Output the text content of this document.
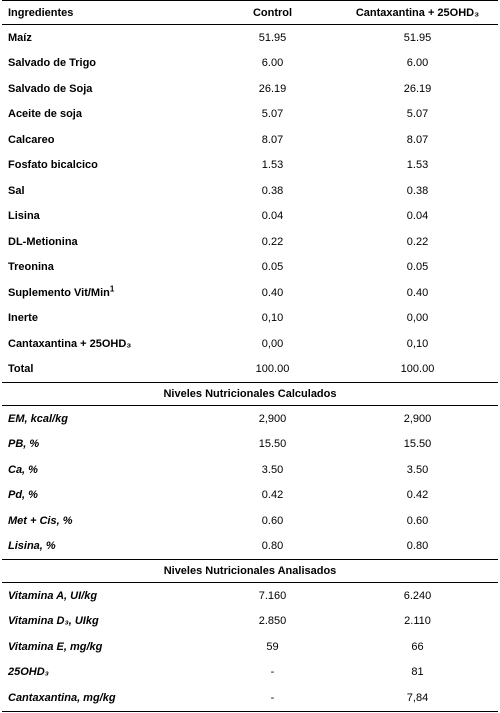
Ingredientes	Control	Cantaxantina + 25OHD₃
Maíz	51.95	51.95
Salvado de Trigo	6.00	6.00
Salvado de Soja	26.19	26.19
Aceite de soja	5.07	5.07
Calcareo	8.07	8.07
Fosfato bicalcico	1.53	1.53
Sal	0.38	0.38
Lisina	0.04	0.04
DL-Metionina	0.22	0.22
Treonina	0.05	0.05
Suplemento Vit/Min$^1$	0.40	0.40
Inerte	0,10	0,00
Cantaxantina + 25OHD₃	0,00	0,10
Total	100.00	100.00
Niveles Nutricionales Calculados		
EM, kcal/kg	2,900	2,900
PB, %	15.50	15.50
Ca, %	3.50	3.50
Pd, %	0.42	0.42
Met + Cis, %	0.60	0.60
Lisina, %	0.80	0.80
Niveles Nutricionales Analisados		
Vitamina A, UI/kg	7.160	6.240
Vitamina D₃, UIkg	2.850	2.110
Vitamina E, mg/kg	59	66
25OHD₃	-	81
Cantaxantina, mg/kg	-	7,84
